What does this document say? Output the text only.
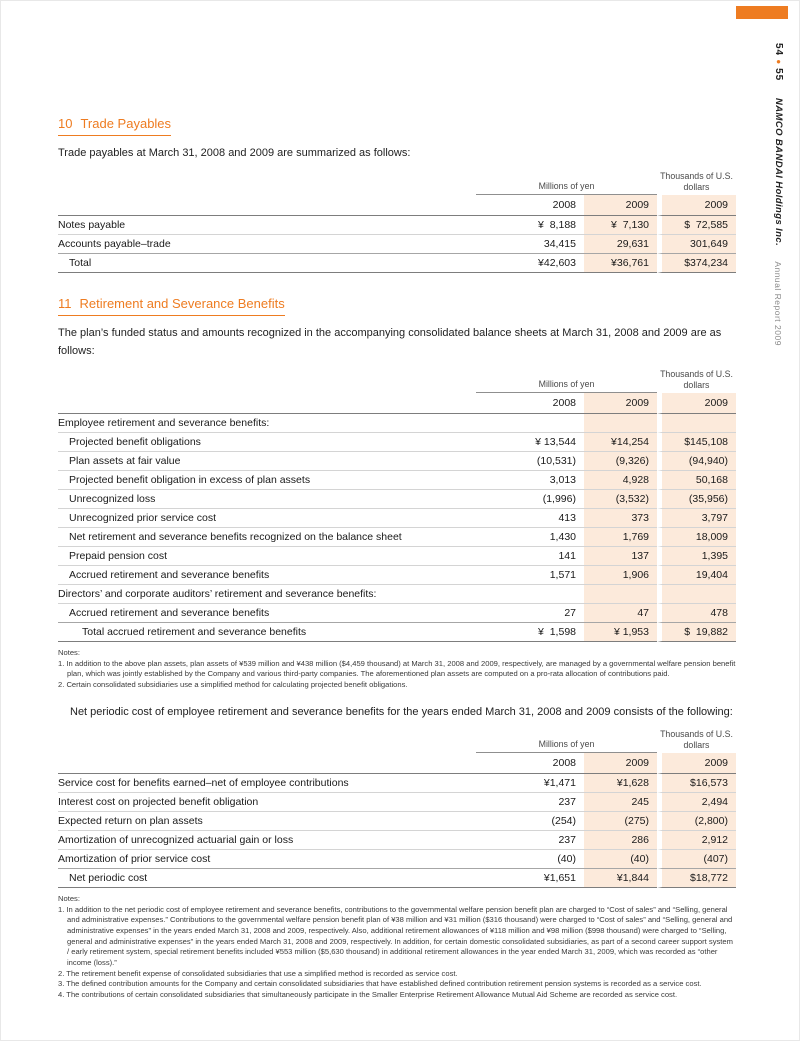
54●55 NAMCO BANDAI Holdings Inc. Annual Report 2009
10 Trade Payables

Trade payables at March 31, 2008 and 2009 are summarized as follows:

	Millions of yen		Thousands of U.S. dollars
	2008	2009	2009
Notes payable	¥  8,188	¥  7,130	$  72,585
Accounts payable–trade	34,415	29,631	301,649
Total	¥42,603	¥36,761	$374,234
11 Retirement and Severance Benefits

The plan’s funded status and amounts recognized in the accompanying consolidated balance sheets at March 31, 2008 and 2009 are as follows:

	Millions of yen		Thousands of U.S. dollars
	2008	2009	2009
Employee retirement and severance benefits:			
Projected benefit obligations	¥ 13,544	¥14,254	$145,108
Plan assets at fair value	(10,531)	(9,326)	(94,940)
Projected benefit obligation in excess of plan assets	3,013	4,928	50,168
Unrecognized loss	(1,996)	(3,532)	(35,956)
Unrecognized prior service cost	413	373	3,797
Net retirement and severance benefits recognized on the balance sheet	1,430	1,769	18,009
Prepaid pension cost	141	137	1,395
Accrued retirement and severance benefits	1,571	1,906	19,404
Directors’ and corporate auditors’ retirement and severance benefits:			
Accrued retirement and severance benefits	27	47	478
Total accrued retirement and severance benefits	¥  1,598	¥ 1,953	$  19,882
Notes:
1. In addition to the above plan assets, plan assets of ¥539 million and ¥438 million ($4,459 thousand) at March 31, 2008 and 2009, respectively, are managed by a governmental welfare pension benefit plan, which was jointly established by the Company and various third-party companies. The aforementioned plan assets are computed on a pro-rata allocation of contributions paid.
2. Certain consolidated subsidiaries use a simplified method for calculating projected benefit obligations.

Net periodic cost of employee retirement and severance benefits for the years ended March 31, 2008 and 2009 consists of the following:

	Millions of yen		Thousands of U.S. dollars
	2008	2009	2009
Service cost for benefits earned–net of employee contributions	¥1,471	¥1,628	$16,573
Interest cost on projected benefit obligation	237	245	2,494
Expected return on plan assets	(254)	(275)	(2,800)
Amortization of unrecognized actuarial gain or loss	237	286	2,912
Amortization of prior service cost	(40)	(40)	(407)
Net periodic cost	¥1,651	¥1,844	$18,772
Notes:
1. In addition to the net periodic cost of employee retirement and severance benefits, contributions to the governmental welfare pension benefit plan are charged to “Cost of sales” and “Selling, general and administrative expenses.” Contributions to the governmental welfare pension benefit plan of ¥38 million and ¥31 million ($316 thousand) were charged to “Cost of sales” and “Selling, general and administrative expenses” in the years ended March 31, 2008 and 2009, respectively. Also, additional retirement allowances of ¥118 million and ¥98 million ($998 thousand) were charged to “Selling, general and administrative expenses” in the years ended March 31, 2008 and 2009, respectively. In addition, for certain domestic consolidated subsidiaries, as part of a second career support system / early retirement system, special retirement benefits included ¥553 million ($5,630 thousand) in additional retirement allowances in the year ended March 31, 2009, which was recorded as “other income (loss).”
2. The retirement benefit expense of consolidated subsidiaries that use a simplified method is recorded as service cost.
3. The defined contribution amounts for the Company and certain consolidated subsidiaries that have established defined contribution retirement pension systems is recorded as a service cost.
4. The contributions of certain consolidated subsidiaries that simultaneously participate in the Smaller Enterprise Retirement Allowance Mutual Aid Scheme are recorded as service cost.
